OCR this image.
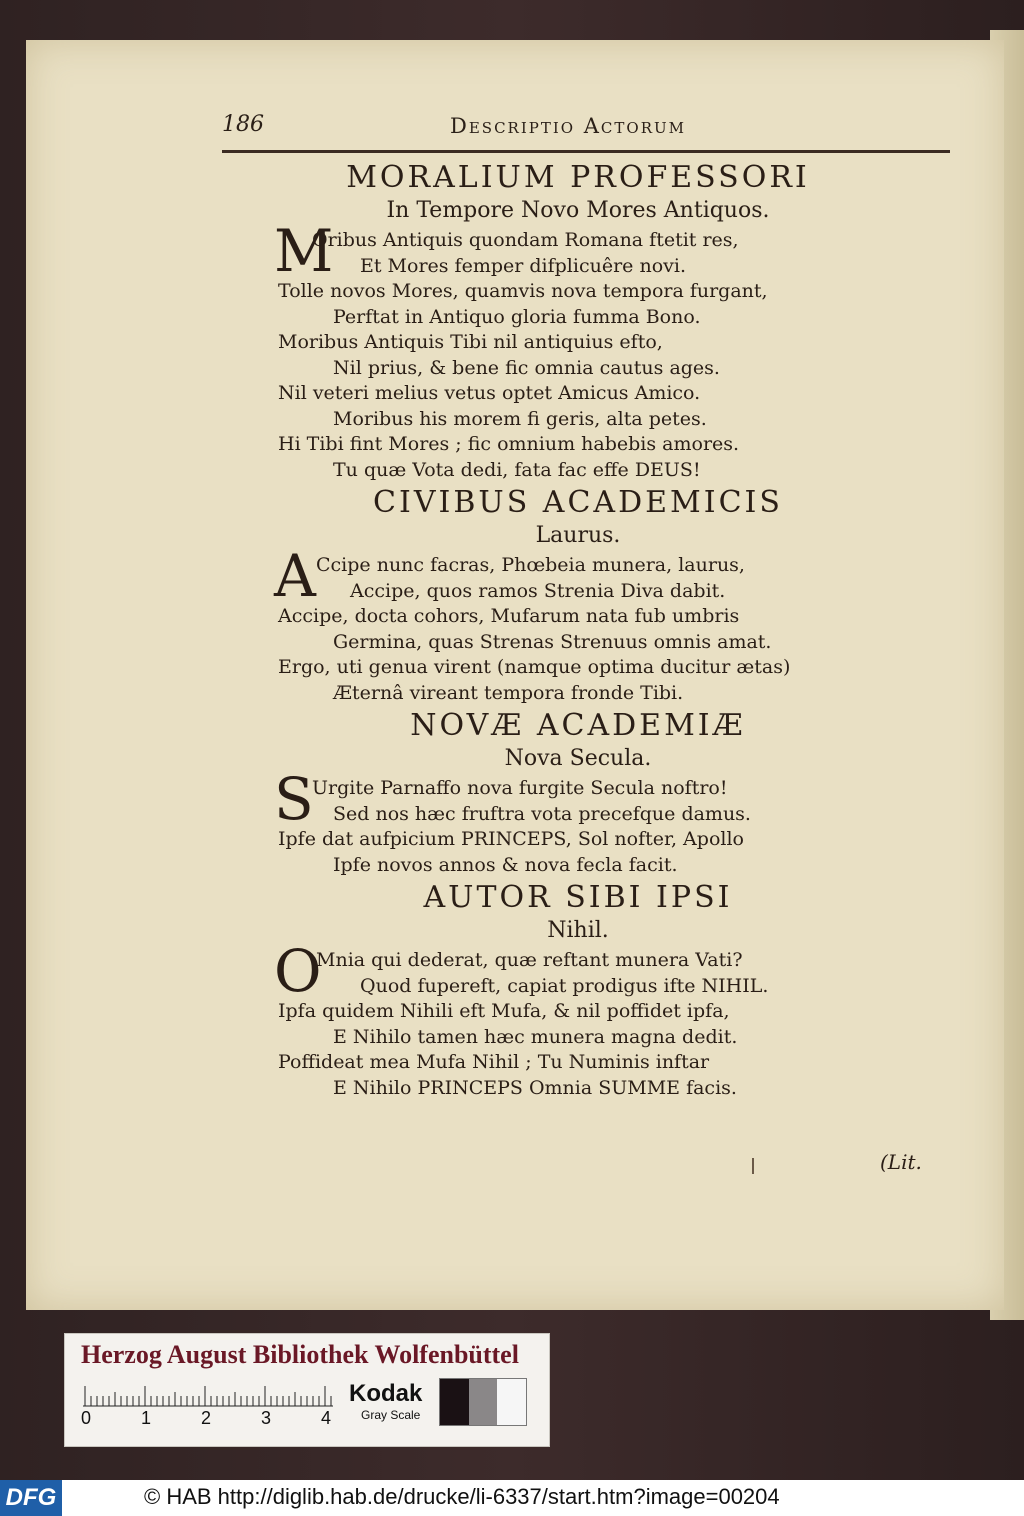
186	Descriptio Actorum
MORALIUM PROFESSORI
In Tempore Novo Mores Antiquos.
M
Oribus Antiquis quondam Romana ftetit res,
Et Mores femper difplicuêre novi.
Tolle novos Mores, quamvis nova tempora furgant,
Perftat in Antiquo gloria fumma Bono.
Moribus Antiquis Tibi nil antiquius efto,
Nil prius, & bene fic omnia cautus ages.
Nil veteri melius vetus optet Amicus Amico.
Moribus his morem fi geris, alta petes.
Hi Tibi fint Mores ; fic omnium habebis amores.
Tu quæ Vota dedi, fata fac effe DEUS!
CIVIBUS ACADEMICIS
Laurus.
A Ccipe nunc facras, Phœbeia munera, laurus,
Accipe, quos ramos Strenia Diva dabit.
Accipe, docta cohors, Mufarum nata fub umbris
Germina, quas Strenas Strenuus omnis amat.
Ergo, uti genua virent (namque optima ducitur ætas)
Æternâ vireant tempora fronde Tibi.
NOVÆ ACADEMIÆ
Nova Secula.
S
Urgite Parnaffo nova furgite Secula noftro!
Sed nos hæc fruftra vota precefque damus.
Ipfe dat aufpicium PRINCEPS, Sol nofter, Apollo
Ipfe novos annos & nova fecla facit.
AUTOR SIBI IPSI
Nihil.
O
Mnia qui dederat, quæ reftant munera Vati?
Quod fupereft, capiat prodigus ifte NIHIL.
Ipfa quidem Nihili eft Mufa, & nil poffidet ipfa,
E Nihilo tamen hæc munera magna dedit.
Poffideat mea Mufa Nihil ; Tu Numinis inftar
E Nihilo PRINCEPS Omnia SUMME facis.
(Lit.
Herzog August Bibliothek Wolfenbüttel
0	1	2	3	4
Kodak
Gray Scale
DFG	© HAB http://diglib.hab.de/drucke/li-6337/start.htm?image=00204
